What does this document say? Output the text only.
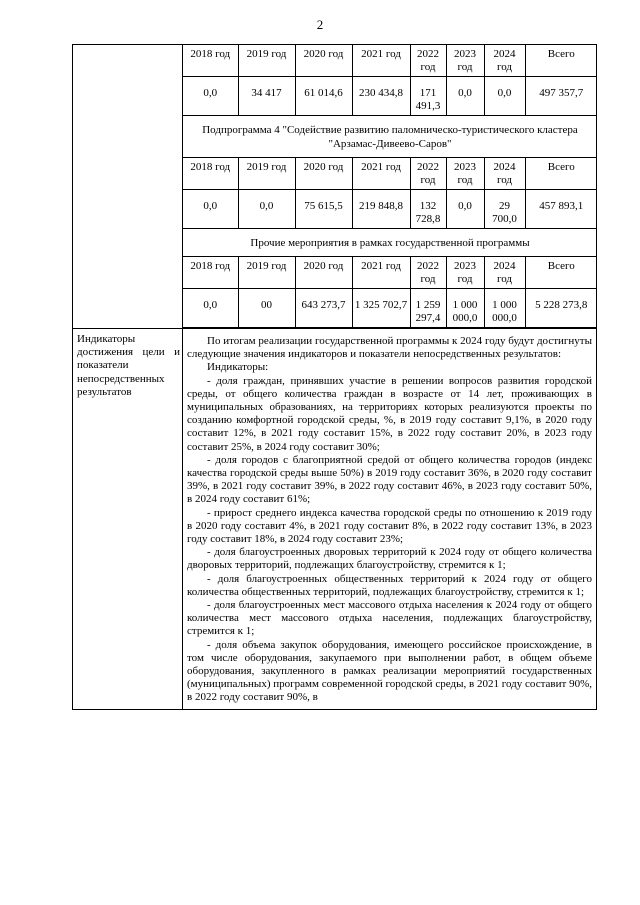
2

2018 год	2019 год	2020 год	2021 год	2022 год	2023 год	2024 год	Всего
0,0	34 417	61 014,6	230 434,8	171 491,3	0,0	0,0	497 357,7
Подпрограмма 4 "Содействие развитию паломническо-туристического кластера "Арзамас-Дивеево-Саров"
2018 год	2019 год	2020 год	2021 год	2022 год	2023 год	2024 год	Всего
0,0	0,0	75 615,5	219 848,8	132 728,8	0,0	29 700,0	457 893,1
Прочие мероприятия в рамках государственной программы
2018 год	2019 год	2020 год	2021 год	2022 год	2023 год	2024 год	Всего
0,0	00	643 273,7	1 325 702,7	1 259 297,4	1 000 000,0	1 000 000,0	5 228 273,8

Индикаторы достижения цели и показатели непосредственных результатов	

По итогам реализации государственной программы к 2024 году будут достигнуты следующие значения индикаторов и показатели непосредственных результатов:

Индикаторы:

- доля граждан, принявших участие в решении вопросов развития городской среды, от общего количества граждан в возрасте от 14 лет, проживающих в муниципальных образованиях, на территориях которых реализуются проекты по созданию комфортной городской среды, %, в 2019 году составит 9,1%, в 2020 году составит 12%, в 2021 году составит 15%, в 2022 году составит 20%, в 2023 году составит 25%, в 2024 году составит 30%;

- доля городов с благоприятной средой от общего количества городов (индекс качества городской среды выше 50%) в 2019 году составит 36%, в 2020 году составит 39%, в 2021 году составит 39%, в 2022 году составит 46%, в 2023 году составит 50%, в 2024 году составит 61%;

- прирост среднего индекса качества городской среды по отношению к 2019 году в 2020 году составит 4%, в 2021 году составит 8%, в 2022 году составит 13%, в 2023 году составит 18%, в 2024 году составит 23%;

- доля благоустроенных дворовых территорий к 2024 году от общего количества дворовых территорий, подлежащих благоустройству, стремится к 1;

- доля благоустроенных общественных территорий к 2024 году от общего количества общественных территорий, подлежащих благоустройству, стремится к 1;

- доля благоустроенных мест массового отдыха населения к 2024 году от общего количества мест массового отдыха населения, подлежащих благоустройству, стремится к 1;

- доля объема закупок оборудования, имеющего российское происхождение, в том числе оборудования, закупаемого при выполнении работ, в общем объеме оборудования, закупленного в рамках реализации мероприятий государственных (муниципальных) программ современной городской среды, в 2021 году составит 90%, в 2022 году составит 90%, в
